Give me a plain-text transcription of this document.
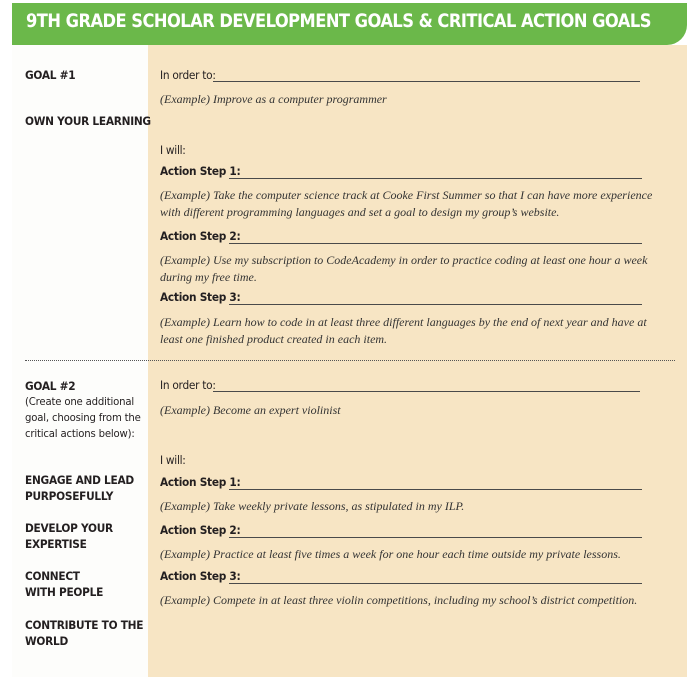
9TH GRADE SCHOLAR DEVELOPMENT GOALS & CRITICAL ACTION GOALS
GOAL #1
OWN YOUR LEARNING
In order to:
(Example) Improve as a computer programmer
I will:
Action Step 1:
(Example) Take the computer science track at Cooke First Summer so that I can have more experience with different programming languages and set a goal to design my group’s website.
Action Step 2:
(Example) Use my subscription to CodeAcademy in order to practice coding at least one hour a week during my free time.
Action Step 3:
(Example) Learn how to code in at least three different languages by the end of next year and have at least one finished product created in each item.
GOAL #2
(Create one additional
goal, choosing from the
critical actions below):
ENGAGE AND LEAD
PURPOSEFULLY
DEVELOP YOUR
EXPERTISE
CONNECT
WITH PEOPLE
CONTRIBUTE TO THE
WORLD
In order to:
(Example) Become an expert violinist
I will:
Action Step 1:
(Example) Take weekly private lessons, as stipulated in my ILP.
Action Step 2:
(Example) Practice at least five times a week for one hour each time outside my private lessons.
Action Step 3:
(Example) Compete in at least three violin competitions, including my school’s district competition.
